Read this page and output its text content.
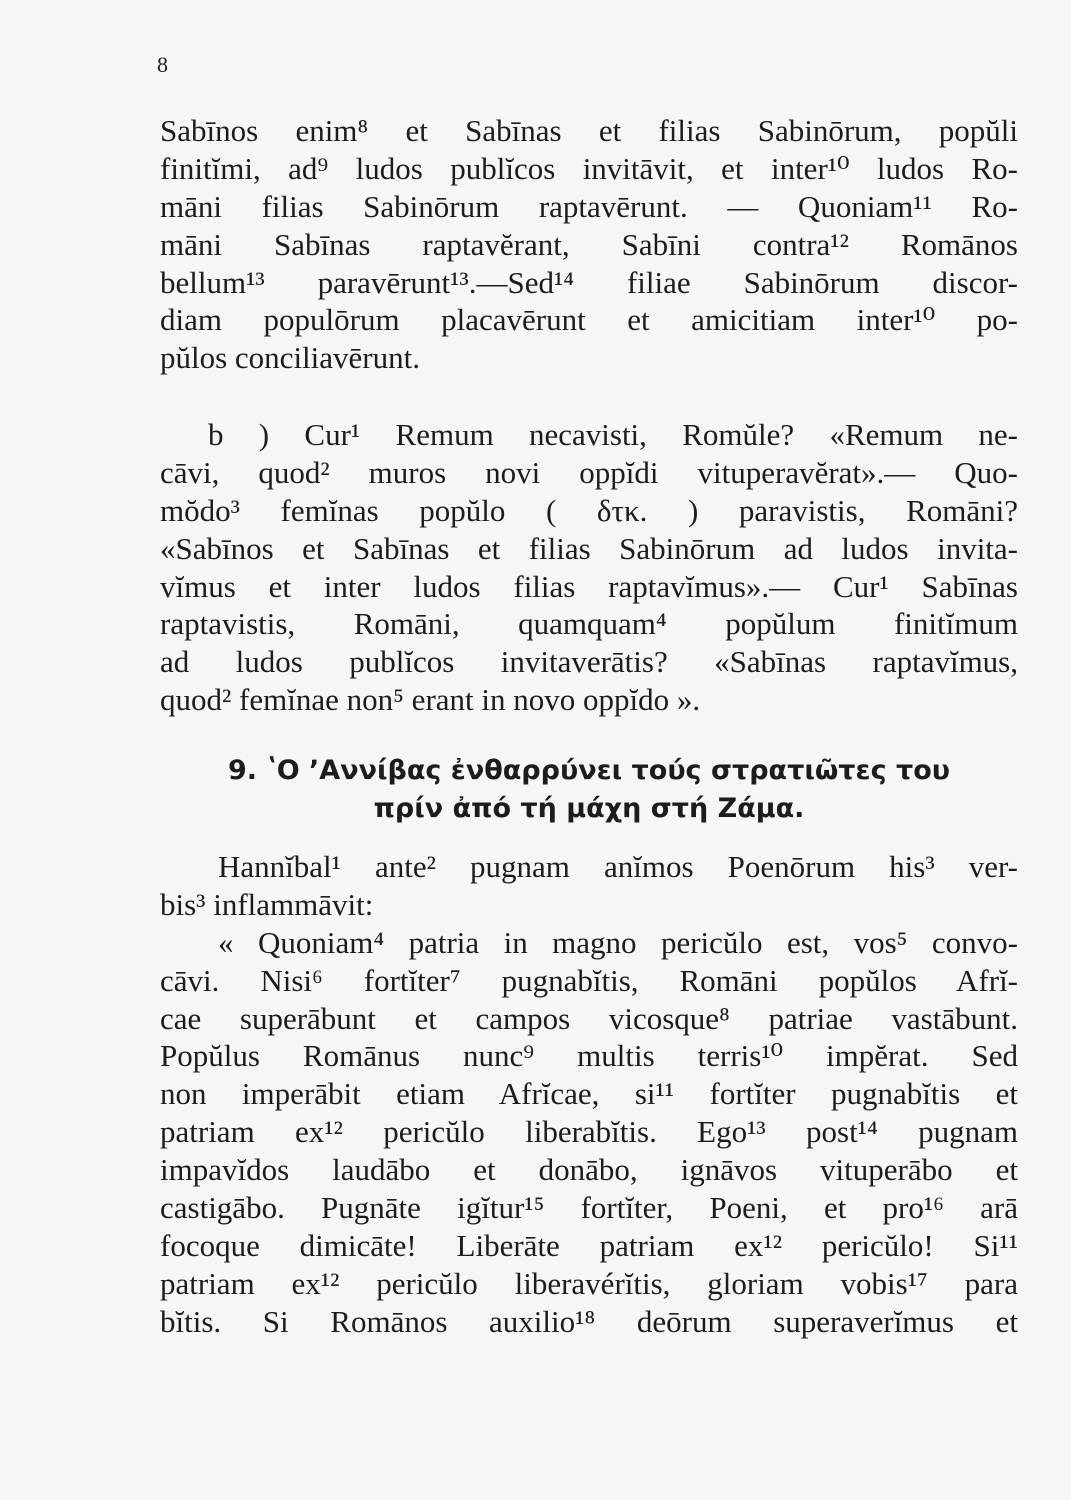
8
Sabīnos enim⁸ et Sabīnas et filias Sabinōrum, popŭli
finitĭmi, ad⁹ ludos publĭcos invitāvit, et inter¹⁰ ludos Ro-
māni filias Sabinōrum raptavērunt. — Quoniam¹¹ Ro-
māni Sabīnas raptavĕrant, Sabīni contra¹² Romānos
bellum¹³ paravērunt¹³.—Sed¹⁴ filiae Sabinōrum discor-
diam populōrum placavērunt et amicitiam inter¹⁰ po-
pŭlos conciliavērunt.
b ) Cur¹ Remum necavisti, Romŭle? «Remum ne-
cāvi, quod² muros novi oppĭdi vituperavĕrat».— Quo-
mŏdo³ femĭnas popŭlo ( δτκ. ) paravistis, Romāni?
«Sabīnos et Sabīnas et filias Sabinōrum ad ludos invita-
vĭmus et inter ludos filias raptavĭmus».— Cur¹ Sabīnas
raptavistis, Romāni, quamquam⁴ popŭlum finitĭmum
ad ludos publĭcos invitaverātis? «Sabīnas raptavĭmus,
quod² femĭnae non⁵ erant in novo oppĭdo ».
9. ʽΟ ʼΑννίβας ἐνθαρρύνει τούς στρατιῶτες του
πρίν ἀπό τή μάχη στή Ζάμα.
Hannĭbal¹ ante² pugnam anĭmos Poenōrum his³ ver-
bis³ inflammāvit:
« Quoniam⁴ patria in magno pericŭlo est, vos⁵ convo-
cāvi. Nisi⁶ fortĭter⁷ pugnabĭtis, Romāni popŭlos Afrĭ-
cae superābunt et campos vicosque⁸ patriae vastābunt.
Popŭlus Romānus nunc⁹ multis terris¹⁰ impĕrat. Sed
non imperābit etiam Afrĭcae, si¹¹ fortĭter pugnabĭtis et
patriam ex¹² pericŭlo liberabĭtis. Ego¹³ post¹⁴ pugnam
impavĭdos laudābo et donābo, ignāvos vituperābo et
castigābo. Pugnāte igĭtur¹⁵ fortĭter, Poeni, et pro¹⁶ arā
focoque dimicāte! Liberāte patriam ex¹² pericŭlo! Si¹¹
patriam ex¹² pericŭlo liberavérĭtis, gloriam vobis¹⁷ para
bĭtis. Si Romānos auxilio¹⁸ deōrum superaverĭmus et
